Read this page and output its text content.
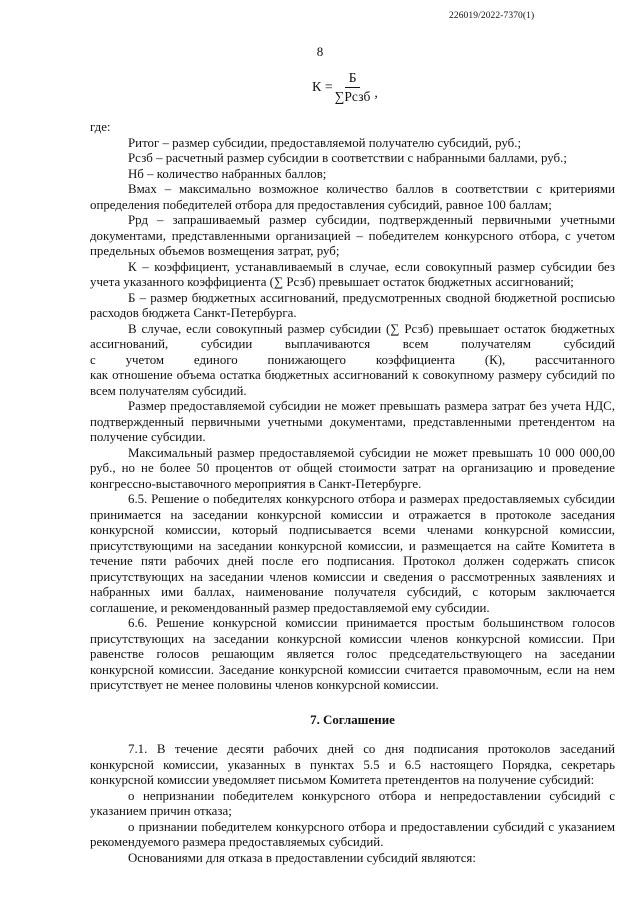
226019/2022-7370(1)
8
$К = \frac{Б}{\text{∑Рсзб}}$ ,

где:

Ритог – размер субсидии, предоставляемой получателю субсидий, руб.;

Рсзб – расчетный размер субсидии в соответствии с набранными баллами, руб.;

Нб – количество набранных баллов;

Вмах – максимально возможное количество баллов в соответствии с критериями определения победителей отбора для предоставления субсидий, равное 100 баллам;

Ррд – запрашиваемый размер субсидии, подтвержденный первичными учетными документами, представленными организацией – победителем конкурсного отбора, с учетом предельных объемов возмещения затрат, руб;

К – коэффициент, устанавливаемый в случае, если совокупный размер субсидии без учета указанного коэффициента (∑ Рсзб) превышает остаток бюджетных ассигнований;

Б – размер бюджетных ассигнований, предусмотренных сводной бюджетной росписью расходов бюджета Санкт-Петербурга.

В случае, если совокупный размер субсидии (∑ Рсзб) превышает остаток бюджетных ассигнований, субсидии выплачиваются всем получателям субсидий

с учетом единого понижающего коэффициента (К), рассчитанного

как отношение объема остатка бюджетных ассигнований к совокупному размеру субсидий по всем получателям субсидий.

Размер предоставляемой субсидии не может превышать размера затрат без учета НДС, подтвержденный первичными учетными документами, представленными претендентом на получение субсидии.

Максимальный размер предоставляемой субсидии не может превышать 10 000 000,00 руб., но не более 50 процентов от общей стоимости затрат на организацию и проведение конгрессно-выставочного мероприятия в Санкт-Петербурге.

6.5. Решение о победителях конкурсного отбора и размерах предоставляемых субсидии принимается на заседании конкурсной комиссии и отражается в протоколе заседания конкурсной комиссии, который подписывается всеми членами конкурсной комиссии, присутствующими на заседании конкурсной комиссии, и размещается на сайте Комитета в течение пяти рабочих дней после его подписания. Протокол должен содержать список присутствующих на заседании членов комиссии и сведения о рассмотренных заявлениях и набранных ими баллах, наименование получателя субсидий, с которым заключается соглашение, и рекомендованный размер предоставляемой ему субсидии.

6.6. Решение конкурсной комиссии принимается простым большинством голосов присутствующих на заседании конкурсной комиссии членов конкурсной комиссии. При равенстве голосов решающим является голос председательствующего на заседании конкурсной комиссии. Заседание конкурсной комиссии считается правомочным, если на нем присутствует не менее половины членов конкурсной комиссии.

7. Соглашение

7.1. В течение десяти рабочих дней со дня подписания протоколов заседаний конкурсной комиссии, указанных в пунктах 5.5 и 6.5 настоящего Порядка, секретарь конкурсной комиссии уведомляет письмом Комитета претендентов на получение субсидий:

о непризнании победителем конкурсного отбора и непредоставлении субсидий с указанием причин отказа;

о признании победителем конкурсного отбора и предоставлении субсидий с указанием рекомендуемого размера предоставляемых субсидий.

Основаниями для отказа в предоставлении субсидий являются:
